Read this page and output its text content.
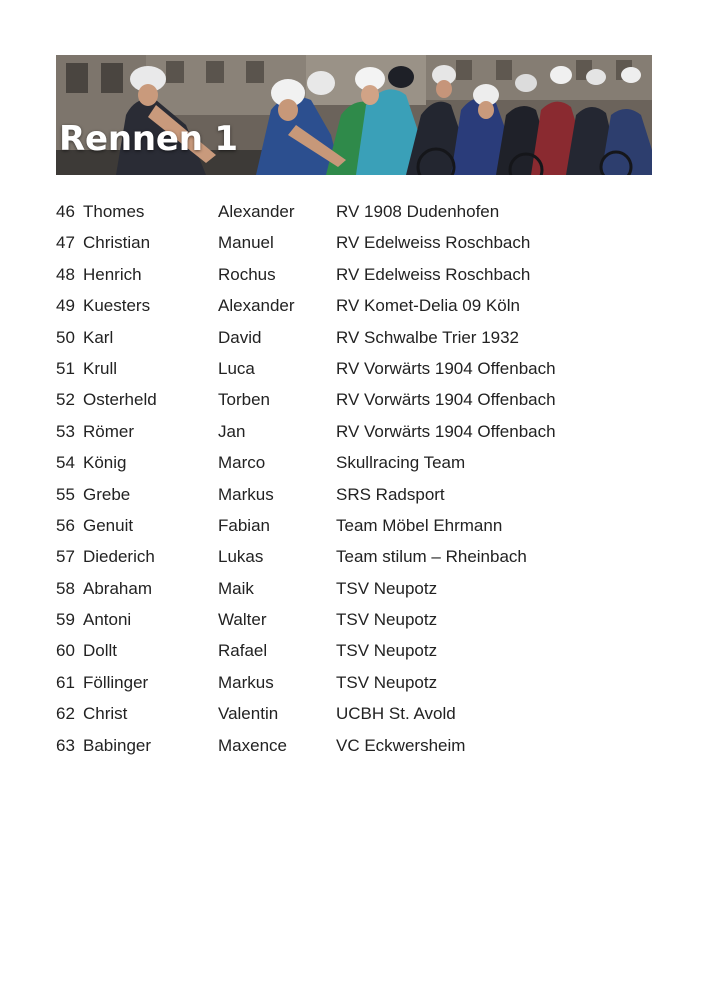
Rennen 1
46 Thomes	Alexander RV 1908 Dudenhofen
47 Christian	Manuel	RV Edelweiss Roschbach
48 Henrich	Rochus	RV Edelweiss Roschbach
49 Kuesters	Alexander RV Komet-Delia 09 Köln
50 Karl	David	RV Schwalbe Trier 1932
51 Krull	Luca	RV Vorwärts 1904 Offenbach
52 Osterheld	Torben	RV Vorwärts 1904 Offenbach
53 Römer	Jan	RV Vorwärts 1904 Offenbach
54 König	Marco	Skullracing Team
55 Grebe	Markus	SRS Radsport
56 Genuit	Fabian	Team Möbel Ehrmann
57 Diederich	Lukas	Team stilum – Rheinbach
58 Abraham	Maik	TSV Neupotz
59 Antoni	Walter	TSV Neupotz
60 Dollt	Rafael	TSV Neupotz
61 Föllinger	Markus	TSV Neupotz
62 Christ	Valentin	UCBH St. Avold
63 Babinger	Maxence	VC Eckwersheim
